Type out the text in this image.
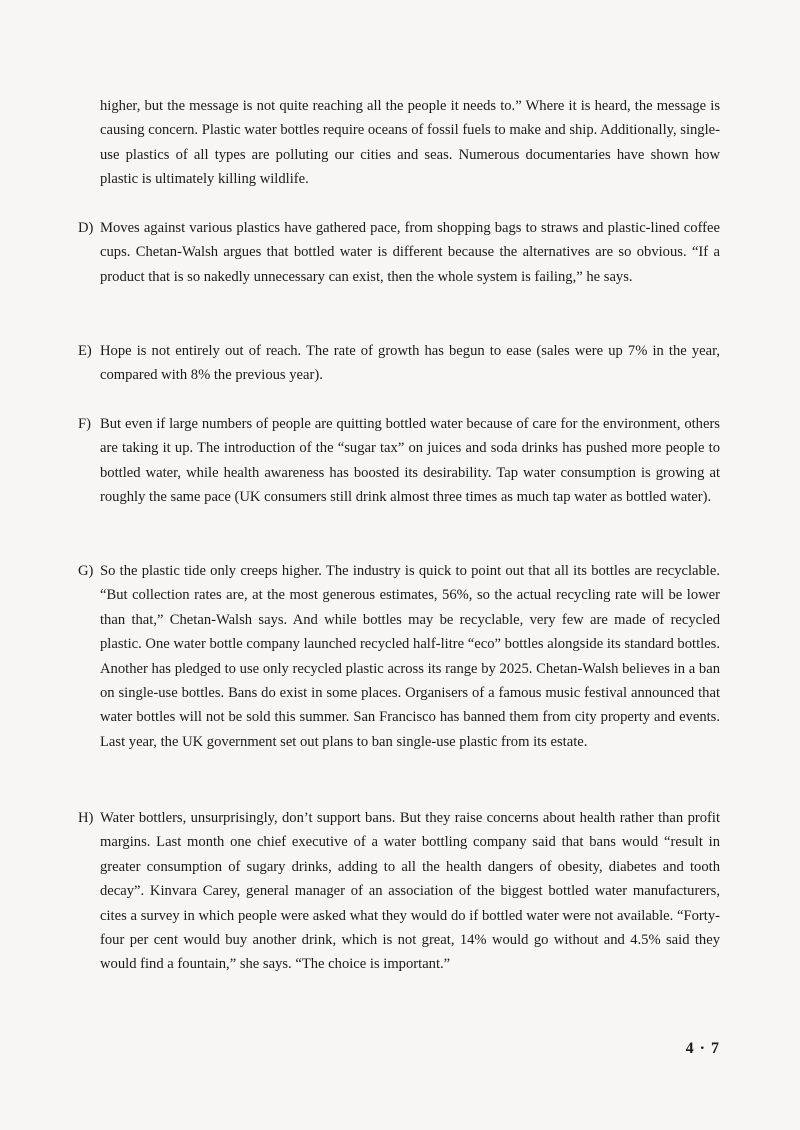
higher, but the message is not quite reaching all the people it needs to.” Where it is heard, the message is causing concern. Plastic water bottles require oceans of fossil fuels to make and ship. Additionally, single-use plastics of all types are polluting our cities and seas. Numerous documentaries have shown how plastic is ultimately killing wildlife.
D) Moves against various plastics have gathered pace, from shopping bags to straws and plastic-lined coffee cups. Chetan-Walsh argues that bottled water is different because the alternatives are so obvious. “If a product that is so nakedly unnecessary can exist, then the whole system is failing,” he says.
E) Hope is not entirely out of reach. The rate of growth has begun to ease (sales were up 7% in the year, compared with 8% the previous year).
F) But even if large numbers of people are quitting bottled water because of care for the environment, others are taking it up. The introduction of the “sugar tax” on juices and soda drinks has pushed more people to bottled water, while health awareness has boosted its desirability. Tap water consumption is growing at roughly the same pace (UK consumers still drink almost three times as much tap water as bottled water).
G) So the plastic tide only creeps higher. The industry is quick to point out that all its bottles are recyclable. “But collection rates are, at the most generous estimates, 56%, so the actual recycling rate will be lower than that,” Chetan-Walsh says. And while bottles may be recyclable, very few are made of recycled plastic. One water bottle company launched recycled half-litre “eco” bottles alongside its standard bottles. Another has pledged to use only recycled plastic across its range by 2025. Chetan-Walsh believes in a ban on single-use bottles. Bans do exist in some places. Organisers of a famous music festival announced that water bottles will not be sold this summer. San Francisco has banned them from city property and events. Last year, the UK government set out plans to ban single-use plastic from its estate.
H) Water bottlers, unsurprisingly, don’t support bans. But they raise concerns about health rather than profit margins. Last month one chief executive of a water bottling company said that bans would “result in greater consumption of sugary drinks, adding to all the health dangers of obesity, diabetes and tooth decay”. Kinvara Carey, general manager of an association of the biggest bottled water manufacturers, cites a survey in which people were asked what they would do if bottled water were not available. “Forty-four per cent would buy another drink, which is not great, 14% would go without and 4.5% said they would find a fountain,” she says. “The choice is important.”
4 · 7
